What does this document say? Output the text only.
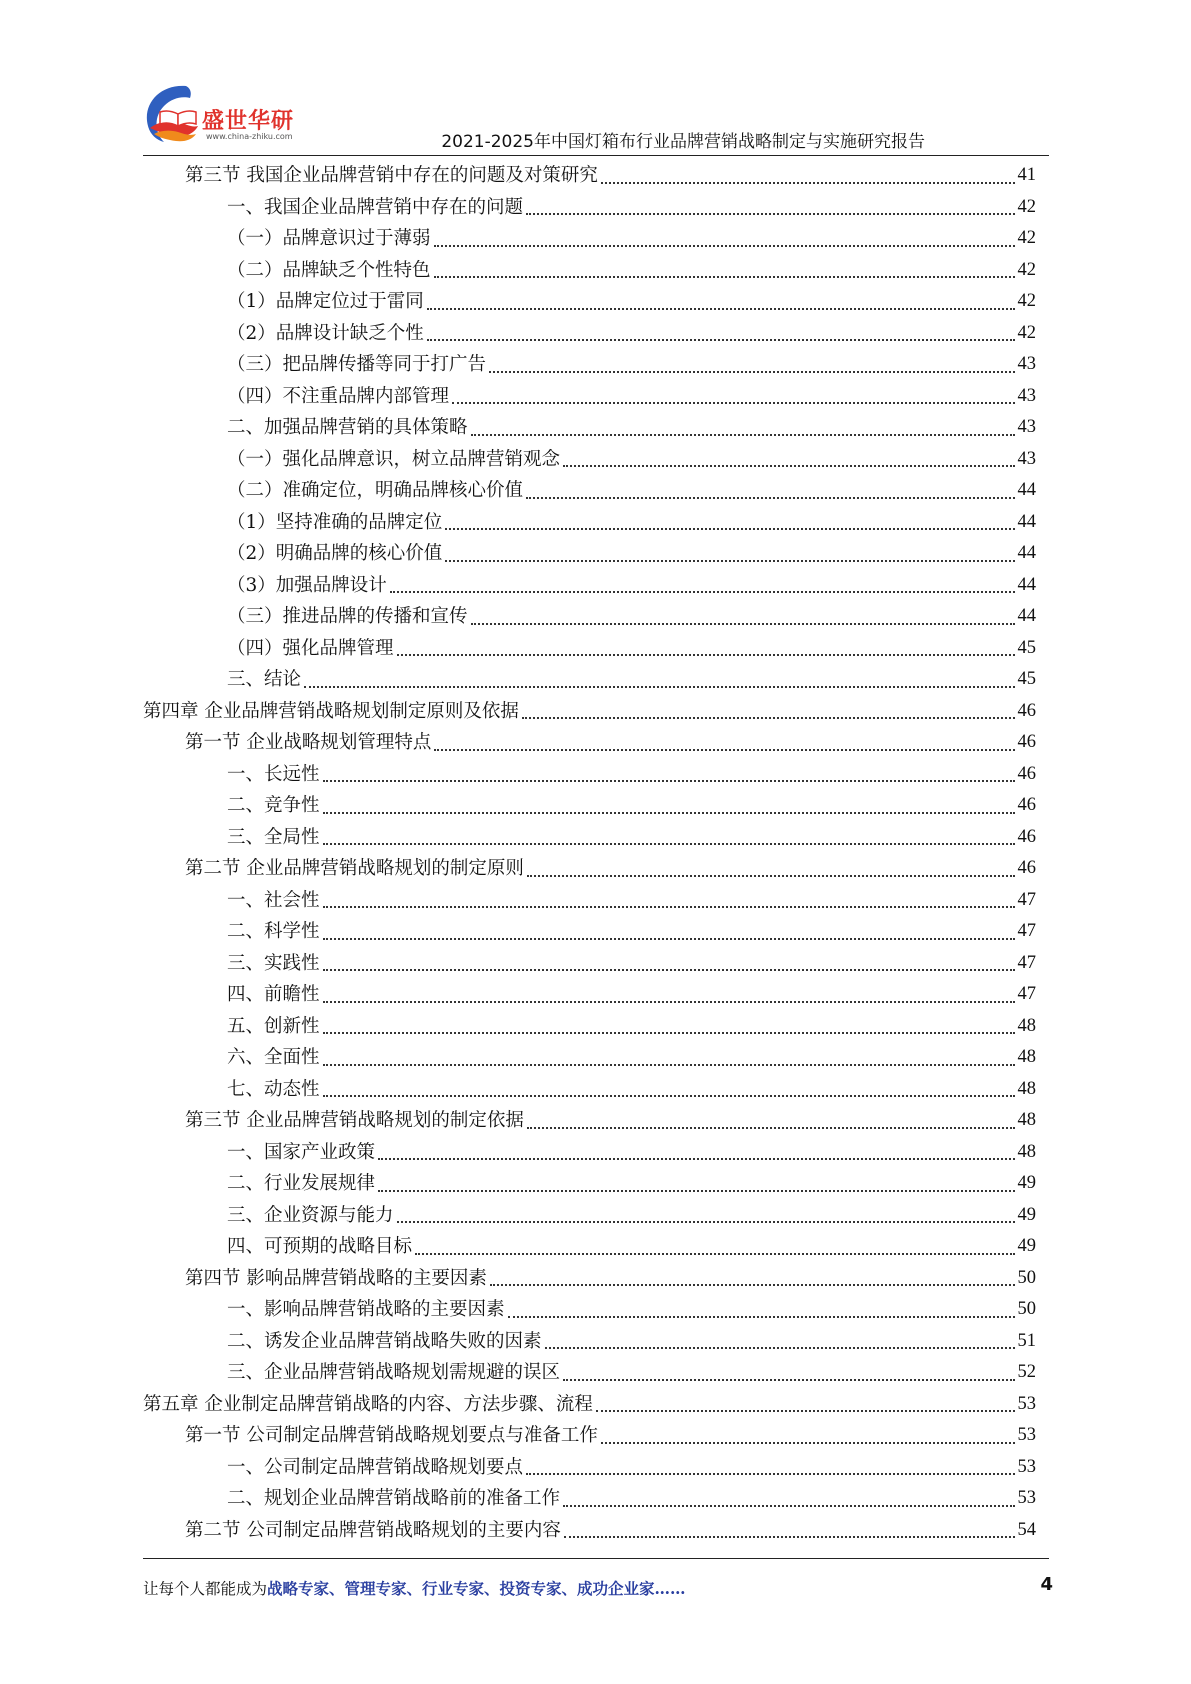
盛世华研
www.china-zhiku.com	2021-2025年中国灯箱布行业品牌营销战略制定与实施研究报告
第三节 我国企业品牌营销中存在的问题及对策研究	41
一、我国企业品牌营销中存在的问题	42
（一）品牌意识过于薄弱	42
（二）品牌缺乏个性特色	42
（1）品牌定位过于雷同	42
（2）品牌设计缺乏个性	42
（三）把品牌传播等同于打广告	43
（四）不注重品牌内部管理	43
二、加强品牌营销的具体策略	43
（一）强化品牌意识，树立品牌营销观念	43
（二）准确定位，明确品牌核心价值	44
（1）坚持准确的品牌定位	44
（2）明确品牌的核心价值	44
（3）加强品牌设计	44
（三）推进品牌的传播和宣传	44
（四）强化品牌管理	45
三、结论	45
第四章 企业品牌营销战略规划制定原则及依据	46
第一节 企业战略规划管理特点	46
一、长远性	46
二、竞争性	46
三、全局性	46
第二节 企业品牌营销战略规划的制定原则	46
一、社会性	47
二、科学性	47
三、实践性	47
四、前瞻性	47
五、创新性	48
六、全面性	48
七、动态性	48
第三节 企业品牌营销战略规划的制定依据	48
一、国家产业政策	48
二、行业发展规律	49
三、企业资源与能力	49
四、可预期的战略目标	49
第四节 影响品牌营销战略的主要因素	50
一、影响品牌营销战略的主要因素	50
二、诱发企业品牌营销战略失败的因素	51
三、企业品牌营销战略规划需规避的误区	52
第五章 企业制定品牌营销战略的内容、方法步骤、流程	53
第一节 公司制定品牌营销战略规划要点与准备工作	53
一、公司制定品牌营销战略规划要点	53
二、规划企业品牌营销战略前的准备工作	53
第二节 公司制定品牌营销战略规划的主要内容	54
让每个人都能成为战略专家、管理专家、行业专家、投资专家、成功企业家……	4
